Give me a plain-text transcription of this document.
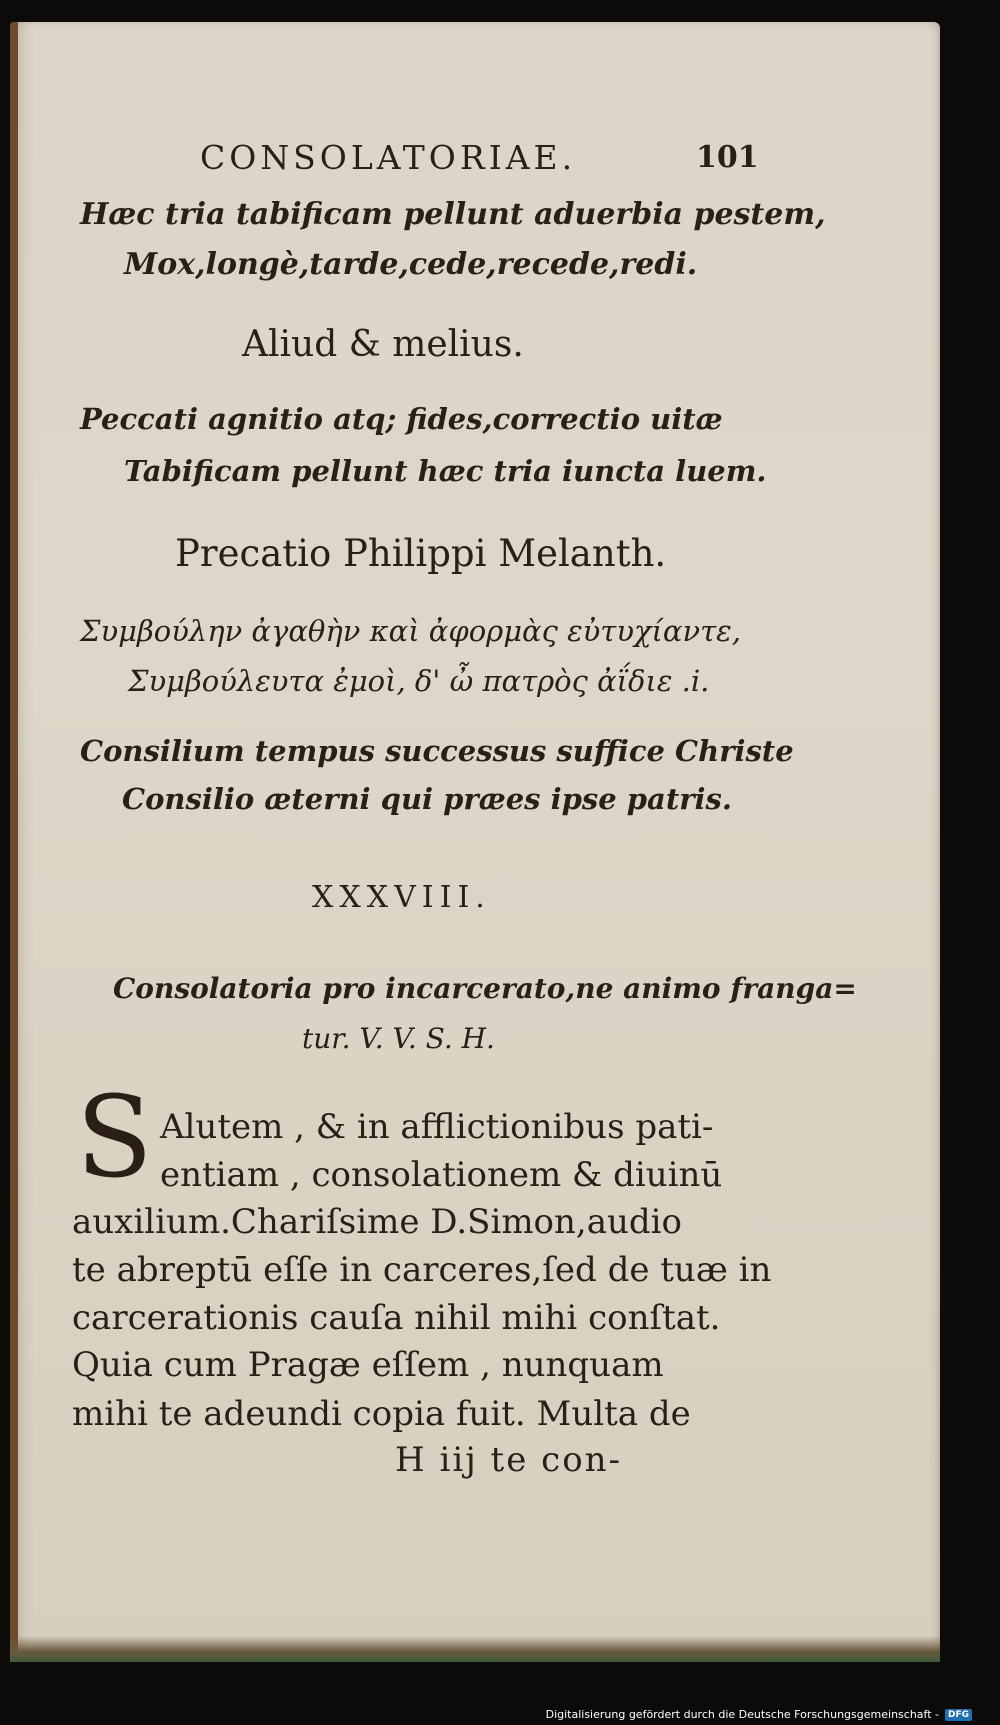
CONSOLATORIAE.	101
Hæc tria tabificam pellunt aduerbia pestem,
Mox,longè,tarde,cede,recede,redi.
Aliud & melius.
Peccati agnitio atq; fides,correctio uitæ
Tabificam pellunt hæc tria iuncta luem.
Precatio Philippi Melanth.
Συμβούλην ἀγαθὴν καὶ ἀφορμὰς εὐτυχίαντε,
Συμβούλευτα ἐμοὶ, δ' ὦ πατρὸς ἀΐδιε .i.
Consilium tempus successus suffice Christe
Consilio æterni qui præes ipse patris.
XXXVIII.
Consolatoria pro incarcerato,ne animo franga=
tur. V. V. S. H.
S Alutem , & in afflictionibus pati-
entiam , consolationem & diuinū
auxilium.Chariſsime D.Simon,audio
te abreptū eſſe in carceres,ſed de tuæ in
carcerationis cauſa nihil mihi conſtat.
Quia cum Pragæ eſſem , nunquam
mihi te adeundi copia fuit. Multa de
H iij te con-
Digitalisierung gefördert durch die Deutsche Forschungsgemeinschaft -	DFG
